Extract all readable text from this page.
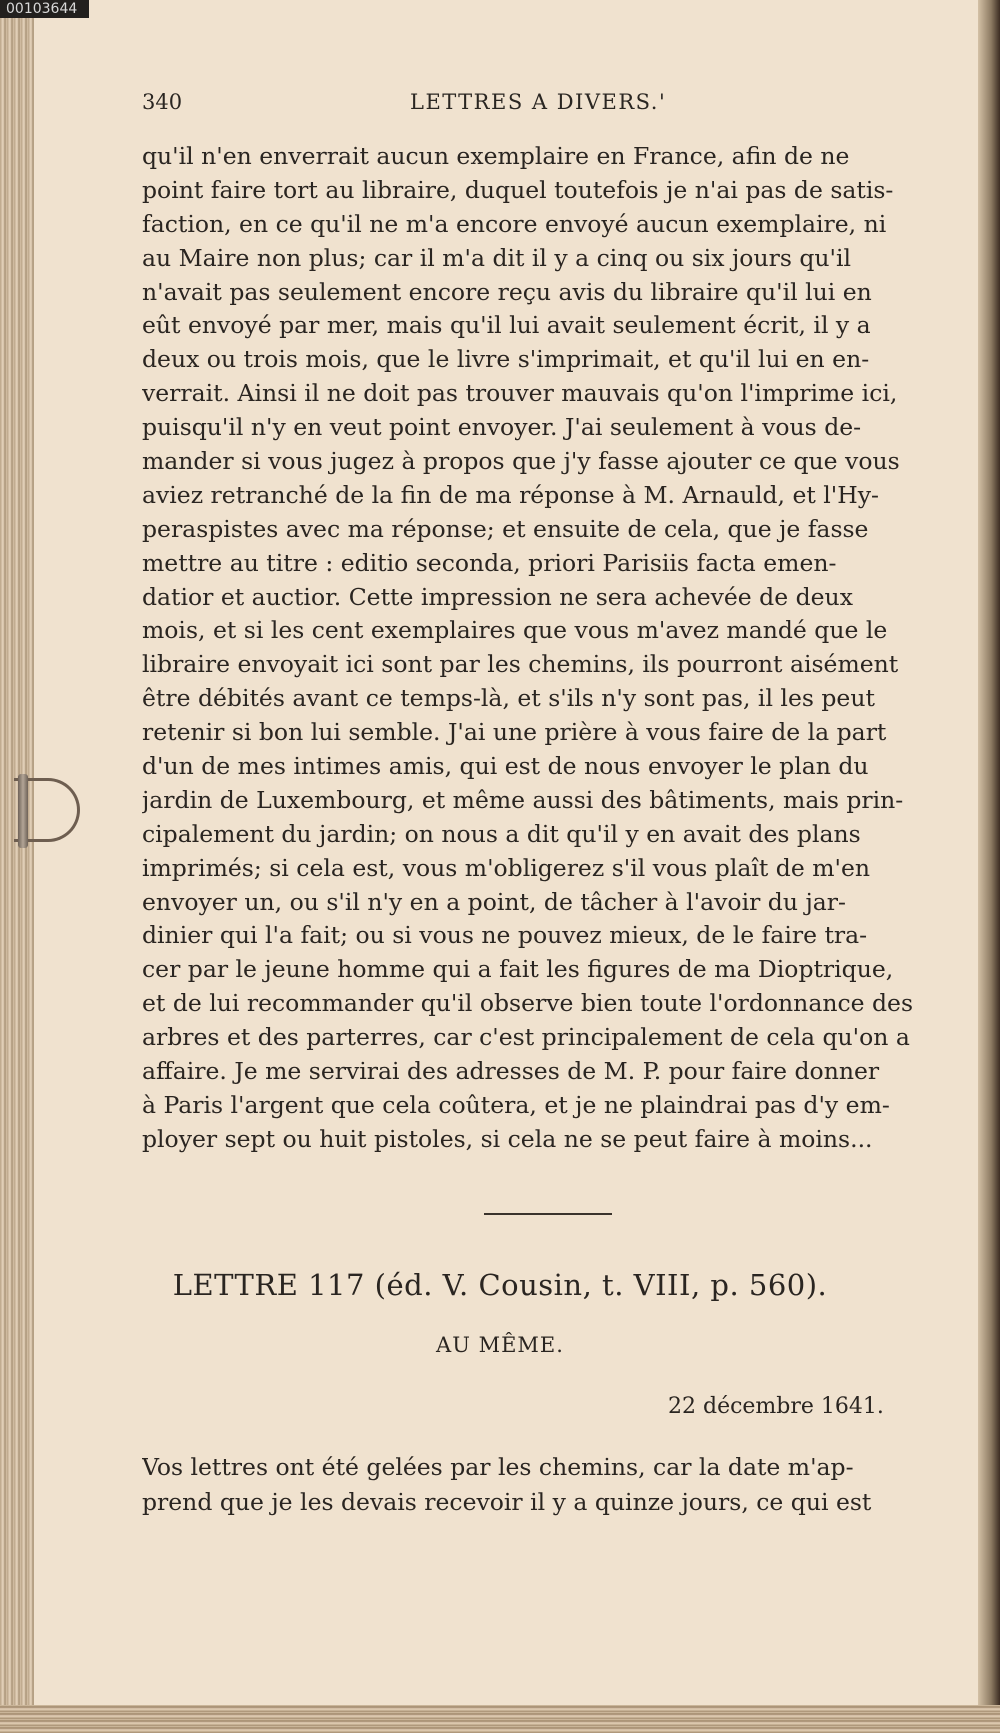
00103644
340	LETTRES A DIVERS.'
qu'il n'en enverrait aucun exemplaire en France, afin de ne
point faire tort au libraire, duquel toutefois je n'ai pas de satis-
faction, en ce qu'il ne m'a encore envoyé aucun exemplaire, ni
au Maire non plus; car il m'a dit il y a cinq ou six jours qu'il
n'avait pas seulement encore reçu avis du libraire qu'il lui en
eût envoyé par mer, mais qu'il lui avait seulement écrit, il y a
deux ou trois mois, que le livre s'imprimait, et qu'il lui en en-
verrait. Ainsi il ne doit pas trouver mauvais qu'on l'imprime ici,
puisqu'il n'y en veut point envoyer. J'ai seulement à vous de-
mander si vous jugez à propos que j'y fasse ajouter ce que vous
aviez retranché de la fin de ma réponse à M. Arnauld, et l'Hy-
peraspistes avec ma réponse; et ensuite de cela, que je fasse
mettre au titre : editio seconda, priori Parisiis facta emen-
datior et auctior. Cette impression ne sera achevée de deux
mois, et si les cent exemplaires que vous m'avez mandé que le
libraire envoyait ici sont par les chemins, ils pourront aisément
être débités avant ce temps-là, et s'ils n'y sont pas, il les peut
retenir si bon lui semble. J'ai une prière à vous faire de la part
d'un de mes intimes amis, qui est de nous envoyer le plan du
jardin de Luxembourg, et même aussi des bâtiments, mais prin-
cipalement du jardin; on nous a dit qu'il y en avait des plans
imprimés; si cela est, vous m'obligerez s'il vous plaît de m'en
envoyer un, ou s'il n'y en a point, de tâcher à l'avoir du jar-
dinier qui l'a fait; ou si vous ne pouvez mieux, de le faire tra-
cer par le jeune homme qui a fait les figures de ma Dioptrique,
et de lui recommander qu'il observe bien toute l'ordonnance des
arbres et des parterres, car c'est principalement de cela qu'on a
affaire. Je me servirai des adresses de M. P. pour faire donner
à Paris l'argent que cela coûtera, et je ne plaindrai pas d'y em-
ployer sept ou huit pistoles, si cela ne se peut faire à moins...
LETTRE 117 (éd. V. Cousin, t. VIII, p. 560).
AU MÊME.
22 décembre 1641.
Vos lettres ont été gelées par les chemins, car la date m'ap-
prend que je les devais recevoir il y a quinze jours, ce qui est
